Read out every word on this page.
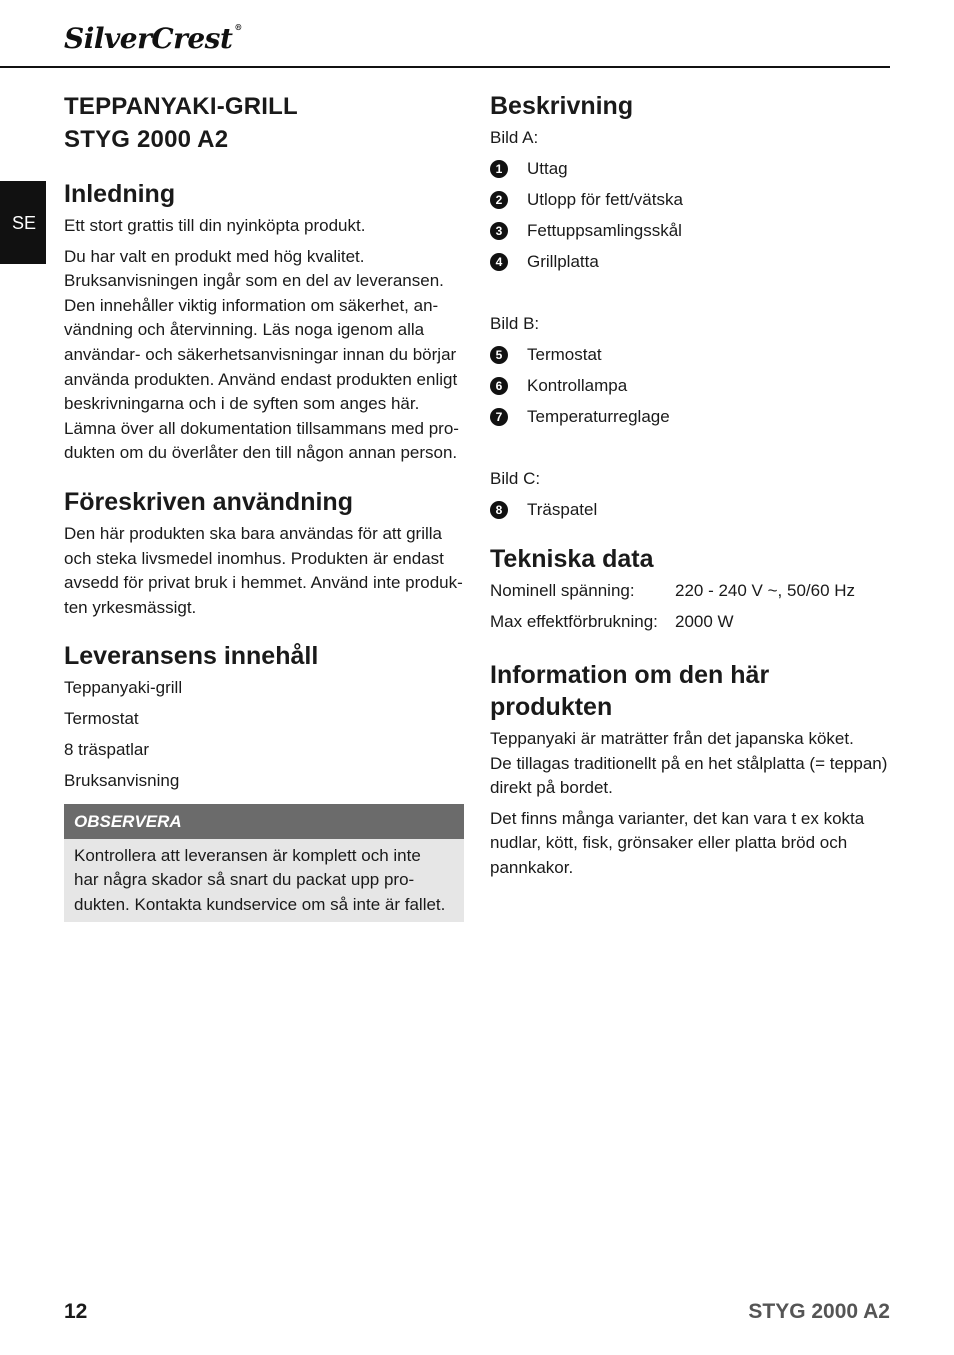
SilverCrest ®
SE
TEPPANYAKI-GRILL
STYG 2000 A2
Inledning

Ett stort grattis till din nyinköpta produkt.

Du har valt en produkt med hög kvalitet.
Bruksanvisningen ingår som en del av leveransen.
Den innehåller viktig information om säkerhet, an-
vändning och återvinning. Läs noga igenom alla
användar- och säkerhetsanvisningar innan du börjar
använda produkten. Använd endast produkten enligt
beskrivningarna och i de syften som anges här.
Lämna över all dokumentation tillsammans med pro-
dukten om du överlåter den till någon annan person.
Föreskriven användning
Den här produkten ska bara användas för att grilla
och steka livsmedel inomhus. Produkten är endast
avsedd för privat bruk i hemmet. Använd inte produk-
ten yrkesmässigt.
Leveransens innehåll
Teppanyaki-grill
Termostat
8 träspatlar
Bruksanvisning
OBSERVERA
Kontrollera att leveransen är komplett och inte
har några skador så snart du packat upp pro-
dukten. Kontakta kundservice om så inte är fallet.
Beskrivning
Bild A:
1	Uttag
2	Utlopp för fett/vätska
3	Fettuppsamlingsskål
4	Grillplatta
Bild B:
5	Termostat
6	Kontrollampa
7	Temperaturreglage
Bild C:
8	Träspatel
Tekniska data
Nominell spänning:	220 - 240 V ~, 50/60 Hz
Max effektförbrukning:	2000 W
Information om den här
produkten
Teppanyaki är maträtter från det japanska köket.
De tillagas traditionellt på en het stålplatta (= teppan)
direkt på bordet.
Det finns många varianter, det kan vara t ex kokta
nudlar, kött, fisk, grönsaker eller platta bröd och
pannkakor.
12	STYG 2000 A2
